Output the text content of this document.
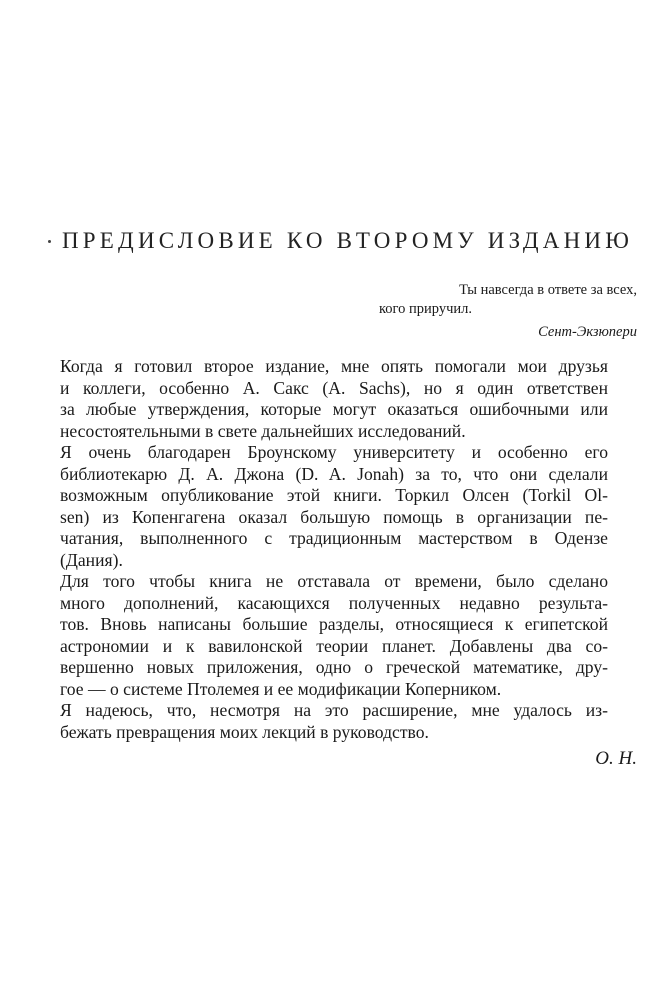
ПРЕДИСЛОВИЕ КО ВТОРОМУ ИЗДАНИЮ
Ты навсегда в ответе за всех,
кого приручил.
Сент-Экзюпери
Когда я готовил второе издание, мне опять помогали мои друзья
и коллеги, особенно А. Сакс (A. Sachs), но я один ответствен
за любые утверждения, которые могут оказаться ошибочными или
несостоятельными в свете дальнейших исследований.
Я очень благодарен Броунскому университету и особенно его
библиотекарю Д. А. Джона (D. A. Jonah) за то, что они сделали
возможным опубликование этой книги. Торкил Олсен (Torkil Ol-
sen) из Копенгагена оказал большую помощь в организации пе-
чатания, выполненного с традиционным мастерством в Одензе
(Дания).
Для того чтобы книга не отставала от времени, было сделано
много дополнений, касающихся полученных недавно результа-
тов. Вновь написаны большие разделы, относящиеся к египетской
астрономии и к вавилонской теории планет. Добавлены два со-
вершенно новых приложения, одно о греческой математике, дру-
гое — о системе Птолемея и ее модификации Коперником.
Я надеюсь, что, несмотря на это расширение, мне удалось из-
бежать превращения моих лекций в руководство.
О. Н.
